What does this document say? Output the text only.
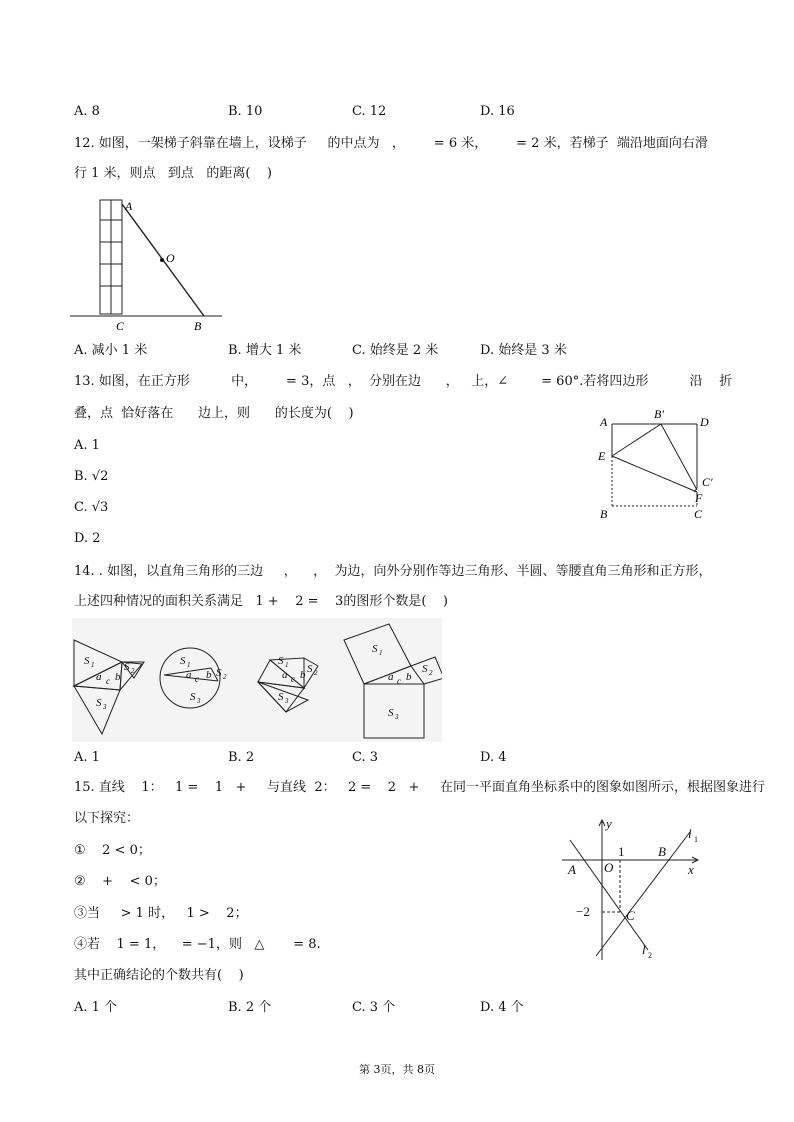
A. 8	B. 10	C. 12	D. 16
12. 如图，一架梯子斜靠在墙上，设梯子     的中点为   ，       = 6 米，       = 2 米，若梯子  端沿地面向右滑
行 1 米，则点   到点   的距离(    )
A
O
C	B
A. 减小 1 米	B. 增大 1 米	C. 始终是 2 米	D. 始终是 3 米
13. 如图，在正方形          中，       = 3，点   ，  分别在边      ，   上，∠        = 60°.若将四边形          沿    折
叠，点  恰好落在      边上，则      的长度为(    )
A. 1
B. √2
C. √3
D. 2
A
B′
D
E
C′
F
B	C
14. . 如图，以直角三角形的三边     ，    ，  为边，向外分别作等边三角形、半圆、等腰直角三角形和正方形，
上述四种情况的面积关系满足   1 +    2 =    3的图形个数是(    )
S 1	S 2
S 3
a c b
S 1
S 2
S 3
a c b
S 1 S 2
S 3
a c b
S 1
S 2
S 3
a c b
A. 1	B. 2	C. 3	D. 4
15. 直线    1：   1 =    1   +     与直线  2：   2 =    2   +     在同一平面直角坐标系中的图象如图所示，根据图象进行
以下探究：
①    2 < 0；
②    +    < 0；
③当     > 1 时，   1 >    2；
④若    1 = 1，    = −1，则   △       = 8.
其中正确结论的个数共有(    )
y
x
1	B
A O
−2	C
l 1
l 2
A. 1 个	B. 2 个	C. 3 个	D. 4 个
第 3页，共 8页
